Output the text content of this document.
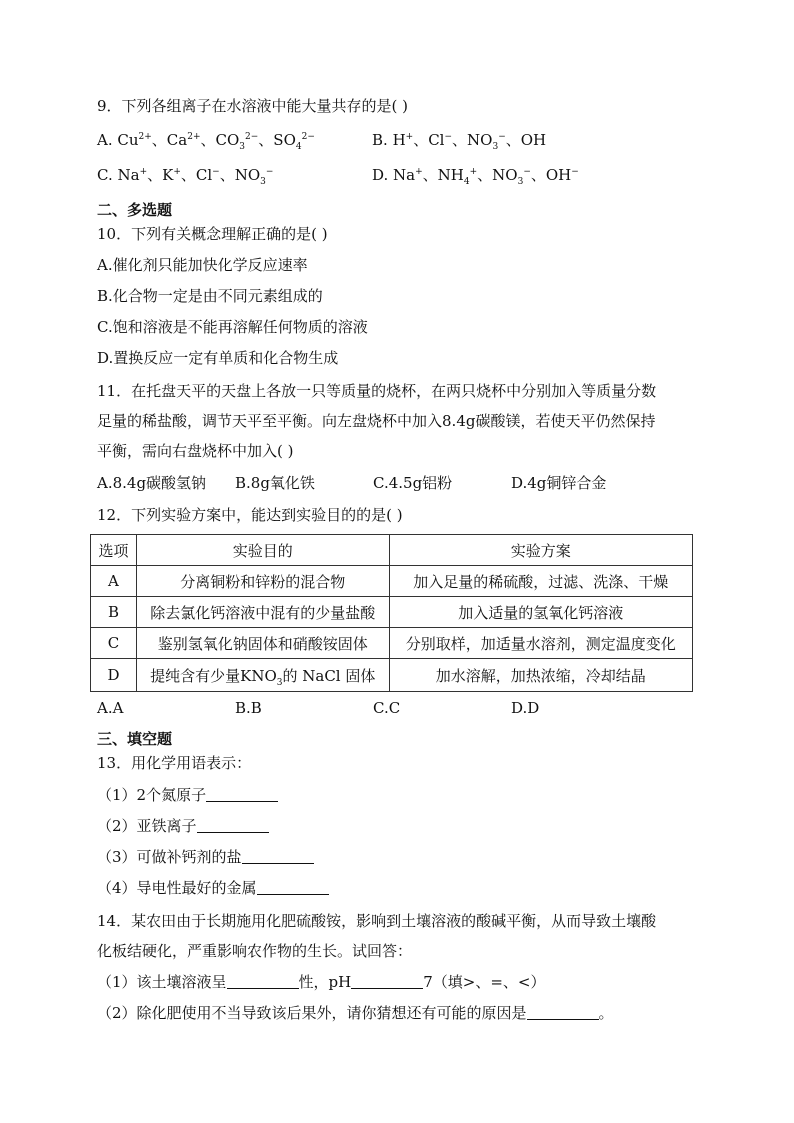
9．下列各组离子在水溶液中能大量共存的是( )
A. $Cu^{2+}$、$Ca^{2+}$、$CO_3^{2-}$、$SO_4^{2-}$	B. H+、Cl−、$NO_3^-$、OH
C. Na+、K+、Cl−、$NO_3^-$	D. Na+、$NH_4^+$、$NO_3^-$、OH−
二、多选题
10．下列有关概念理解正确的是( )
A.催化剂只能加快化学反应速率
B.化合物一定是由不同元素组成的
C.饱和溶液是不能再溶解任何物质的溶液
D.置换反应一定有单质和化合物生成
11．在托盘天平的天盘上各放一只等质量的烧杯，在两只烧杯中分别加入等质量分数
足量的稀盐酸，调节天平至平衡。向左盘烧杯中加入8.4g碳酸镁，若使天平仍然保持
平衡，需向右盘烧杯中加入( )
A.8.4g碳酸氢钠 B.8g氧化铁	C.4.5g铝粉	D.4g铜锌合金
12．下列实验方案中，能达到实验目的的是( )
选项	实验目的	实验方案
A	分离铜粉和锌粉的混合物	加入足量的稀硫酸，过滤、洗涤、干燥
B	除去氯化钙溶液中混有的少量盐酸	加入适量的氢氧化钙溶液
C	鉴别氢氧化钠固体和硝酸铵固体	分别取样，加适量水溶剂，测定温度变化
D	提纯含有少量$KNO_3$的 NaCl 固体	加水溶解，加热浓缩，冷却结晶
A.A	B.B	C.C	D.D
三、填空题
13．用化学用语表示：
（1）2个氮原子
（2）亚铁离子
（3）可做补钙剂的盐
（4）导电性最好的金属
14．某农田由于长期施用化肥硫酸铵，影响到土壤溶液的酸碱平衡，从而导致土壤酸
化板结硬化，严重影响农作物的生长。试回答：
（1）该土壤溶液呈	性，pH	7（填>、=、<）
（2）除化肥使用不当导致该后果外，请你猜想还有可能的原因是	。
